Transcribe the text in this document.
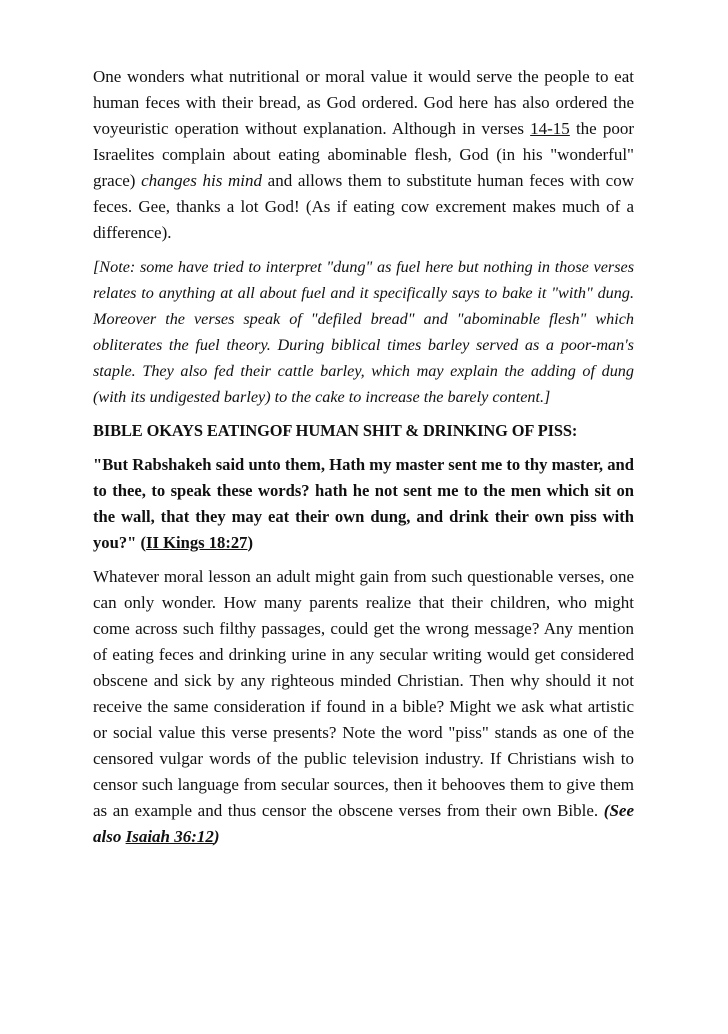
One wonders what nutritional or moral value it would serve the people to eat human feces with their bread, as God ordered. God here has also ordered the voyeuristic operation without explanation. Although in verses 14-15 the poor Israelites complain about eating abominable flesh, God (in his "wonderful" grace) changes his mind and allows them to substitute human feces with cow feces. Gee, thanks a lot God! (As if eating cow excrement makes much of a difference).

[Note: some have tried to interpret "dung" as fuel here but nothing in those verses relates to anything at all about fuel and it specifically says to bake it "with" dung. Moreover the verses speak of "defiled bread" and "abominable flesh" which obliterates the fuel theory. During biblical times barley served as a poor-man's staple. They also fed their cattle barley, which may explain the adding of dung (with its undigested barley) to the cake to increase the barely content.]

BIBLE OKAYS EATINGOF HUMAN SHIT & DRINKING OF PISS:

"But Rabshakeh said unto them, Hath my master sent me to thy master, and to thee, to speak these words? hath he not sent me to the men which sit on the wall, that they may eat their own dung, and drink their own piss with you?" (II Kings 18:27)

Whatever moral lesson an adult might gain from such questionable verses, one can only wonder. How many parents realize that their children, who might come across such filthy passages, could get the wrong message? Any mention of eating feces and drinking urine in any secular writing would get considered obscene and sick by any righteous minded Christian. Then why should it not receive the same consideration if found in a bible? Might we ask what artistic or social value this verse presents? Note the word "piss" stands as one of the censored vulgar words of the public television industry. If Christians wish to censor such language from secular sources, then it behooves them to give them as an example and thus censor the obscene verses from their own Bible. (See also Isaiah 36:12)
